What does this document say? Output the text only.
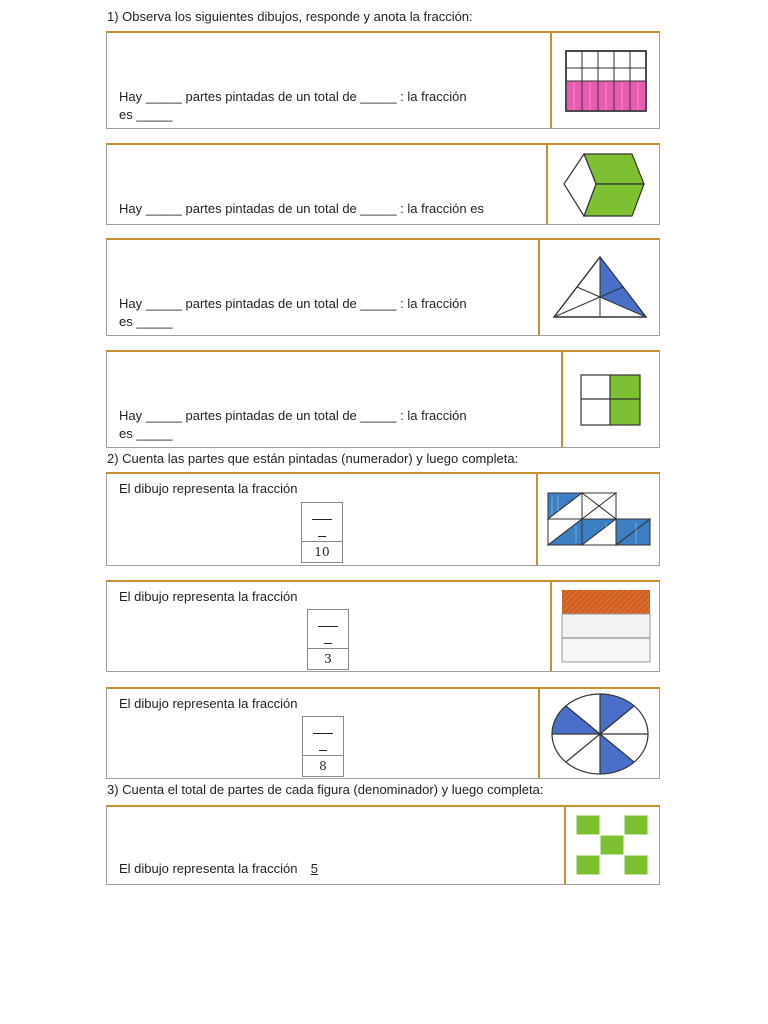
1) Observa los siguientes dibujos, responde y anota la fracción:
Hay _____ partes pintadas de un total de _____ : la fracción
es _____
Hay _____ partes pintadas de un total de _____ : la fracción es
Hay _____ partes pintadas de un total de _____ : la fracción
es _____
Hay _____ partes pintadas de un total de _____ : la fracción
es _____
2) Cuenta las partes que están pintadas (numerador) y luego completa:
El dibujo representa la fracción
10
El dibujo representa la fracción
3
El dibujo representa la fracción
8
3) Cuenta el total de partes de cada figura (denominador) y luego completa:
El dibujo representa la fracción 5
